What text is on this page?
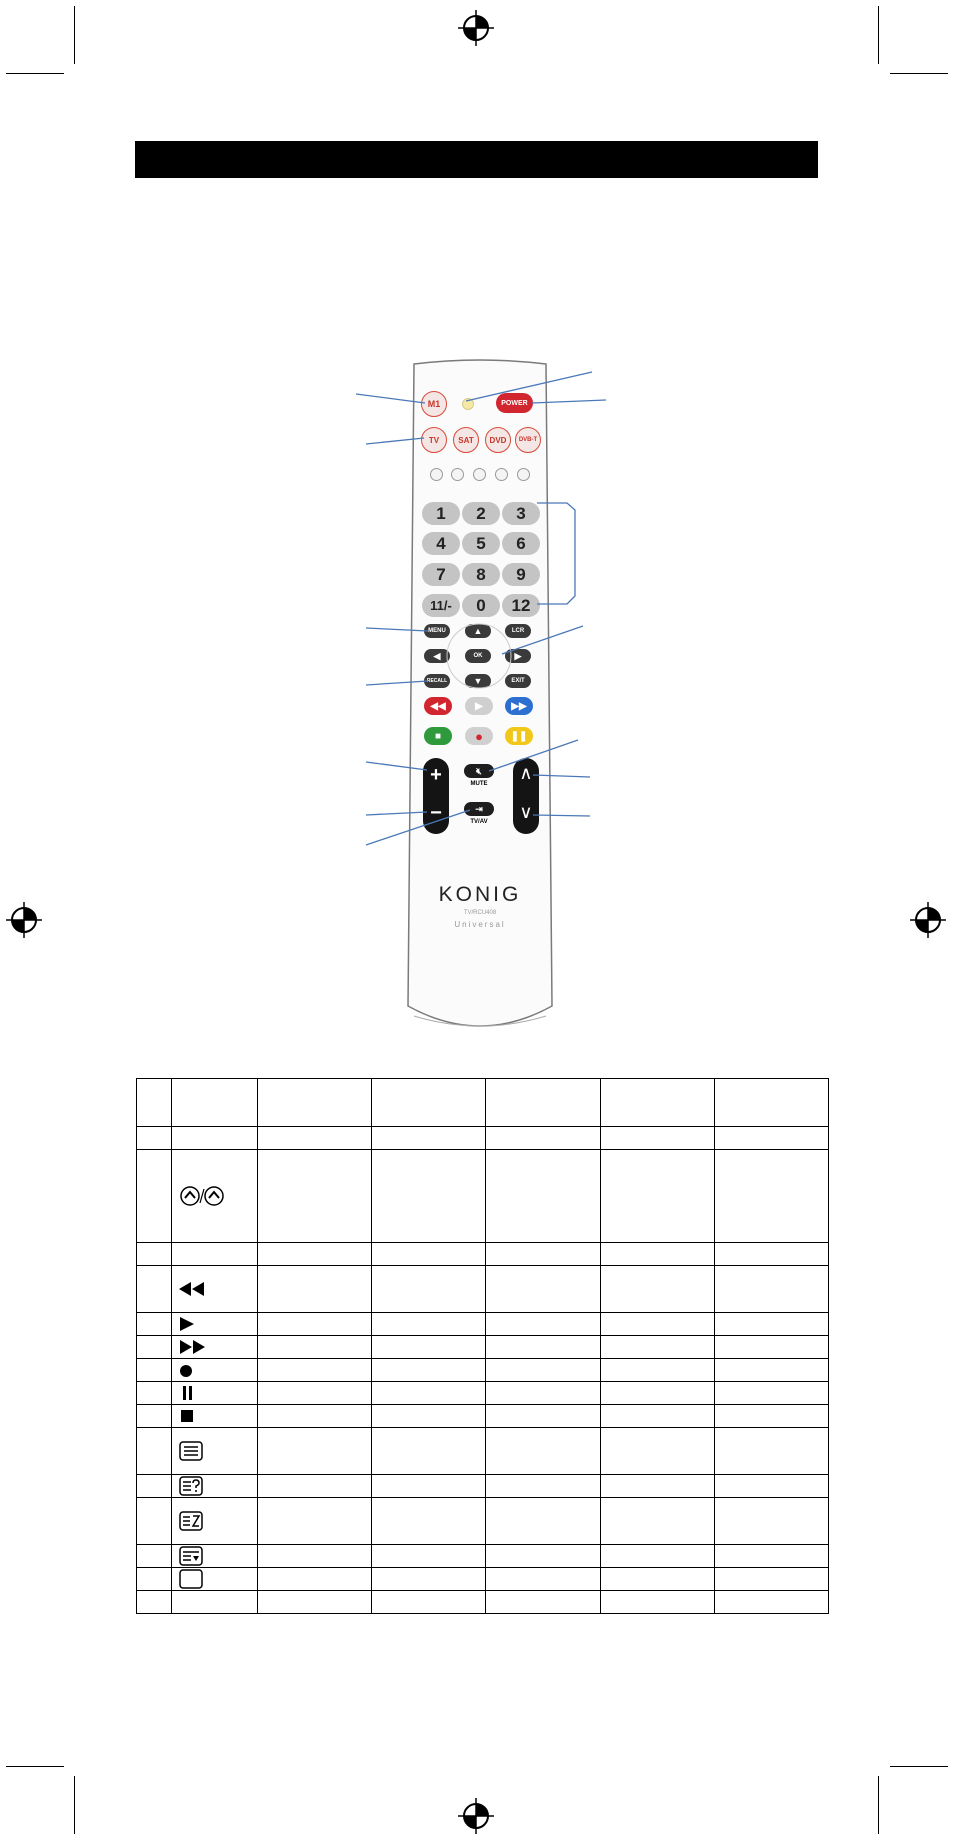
M1	POWER
TV	SAT	DVD	DVB-T
1	2	3
4	5	6
7	8	9
11/-	0	12
MENU	▲	LCR
◀	OK	▶
RECALL	▼	EXIT
◀◀	▶	▶▶
■	●	❚❚
+
−
∧
∨
🔇︎
MUTE
⇥
TV/AV
KONIG
TV/RCU408
Universal
